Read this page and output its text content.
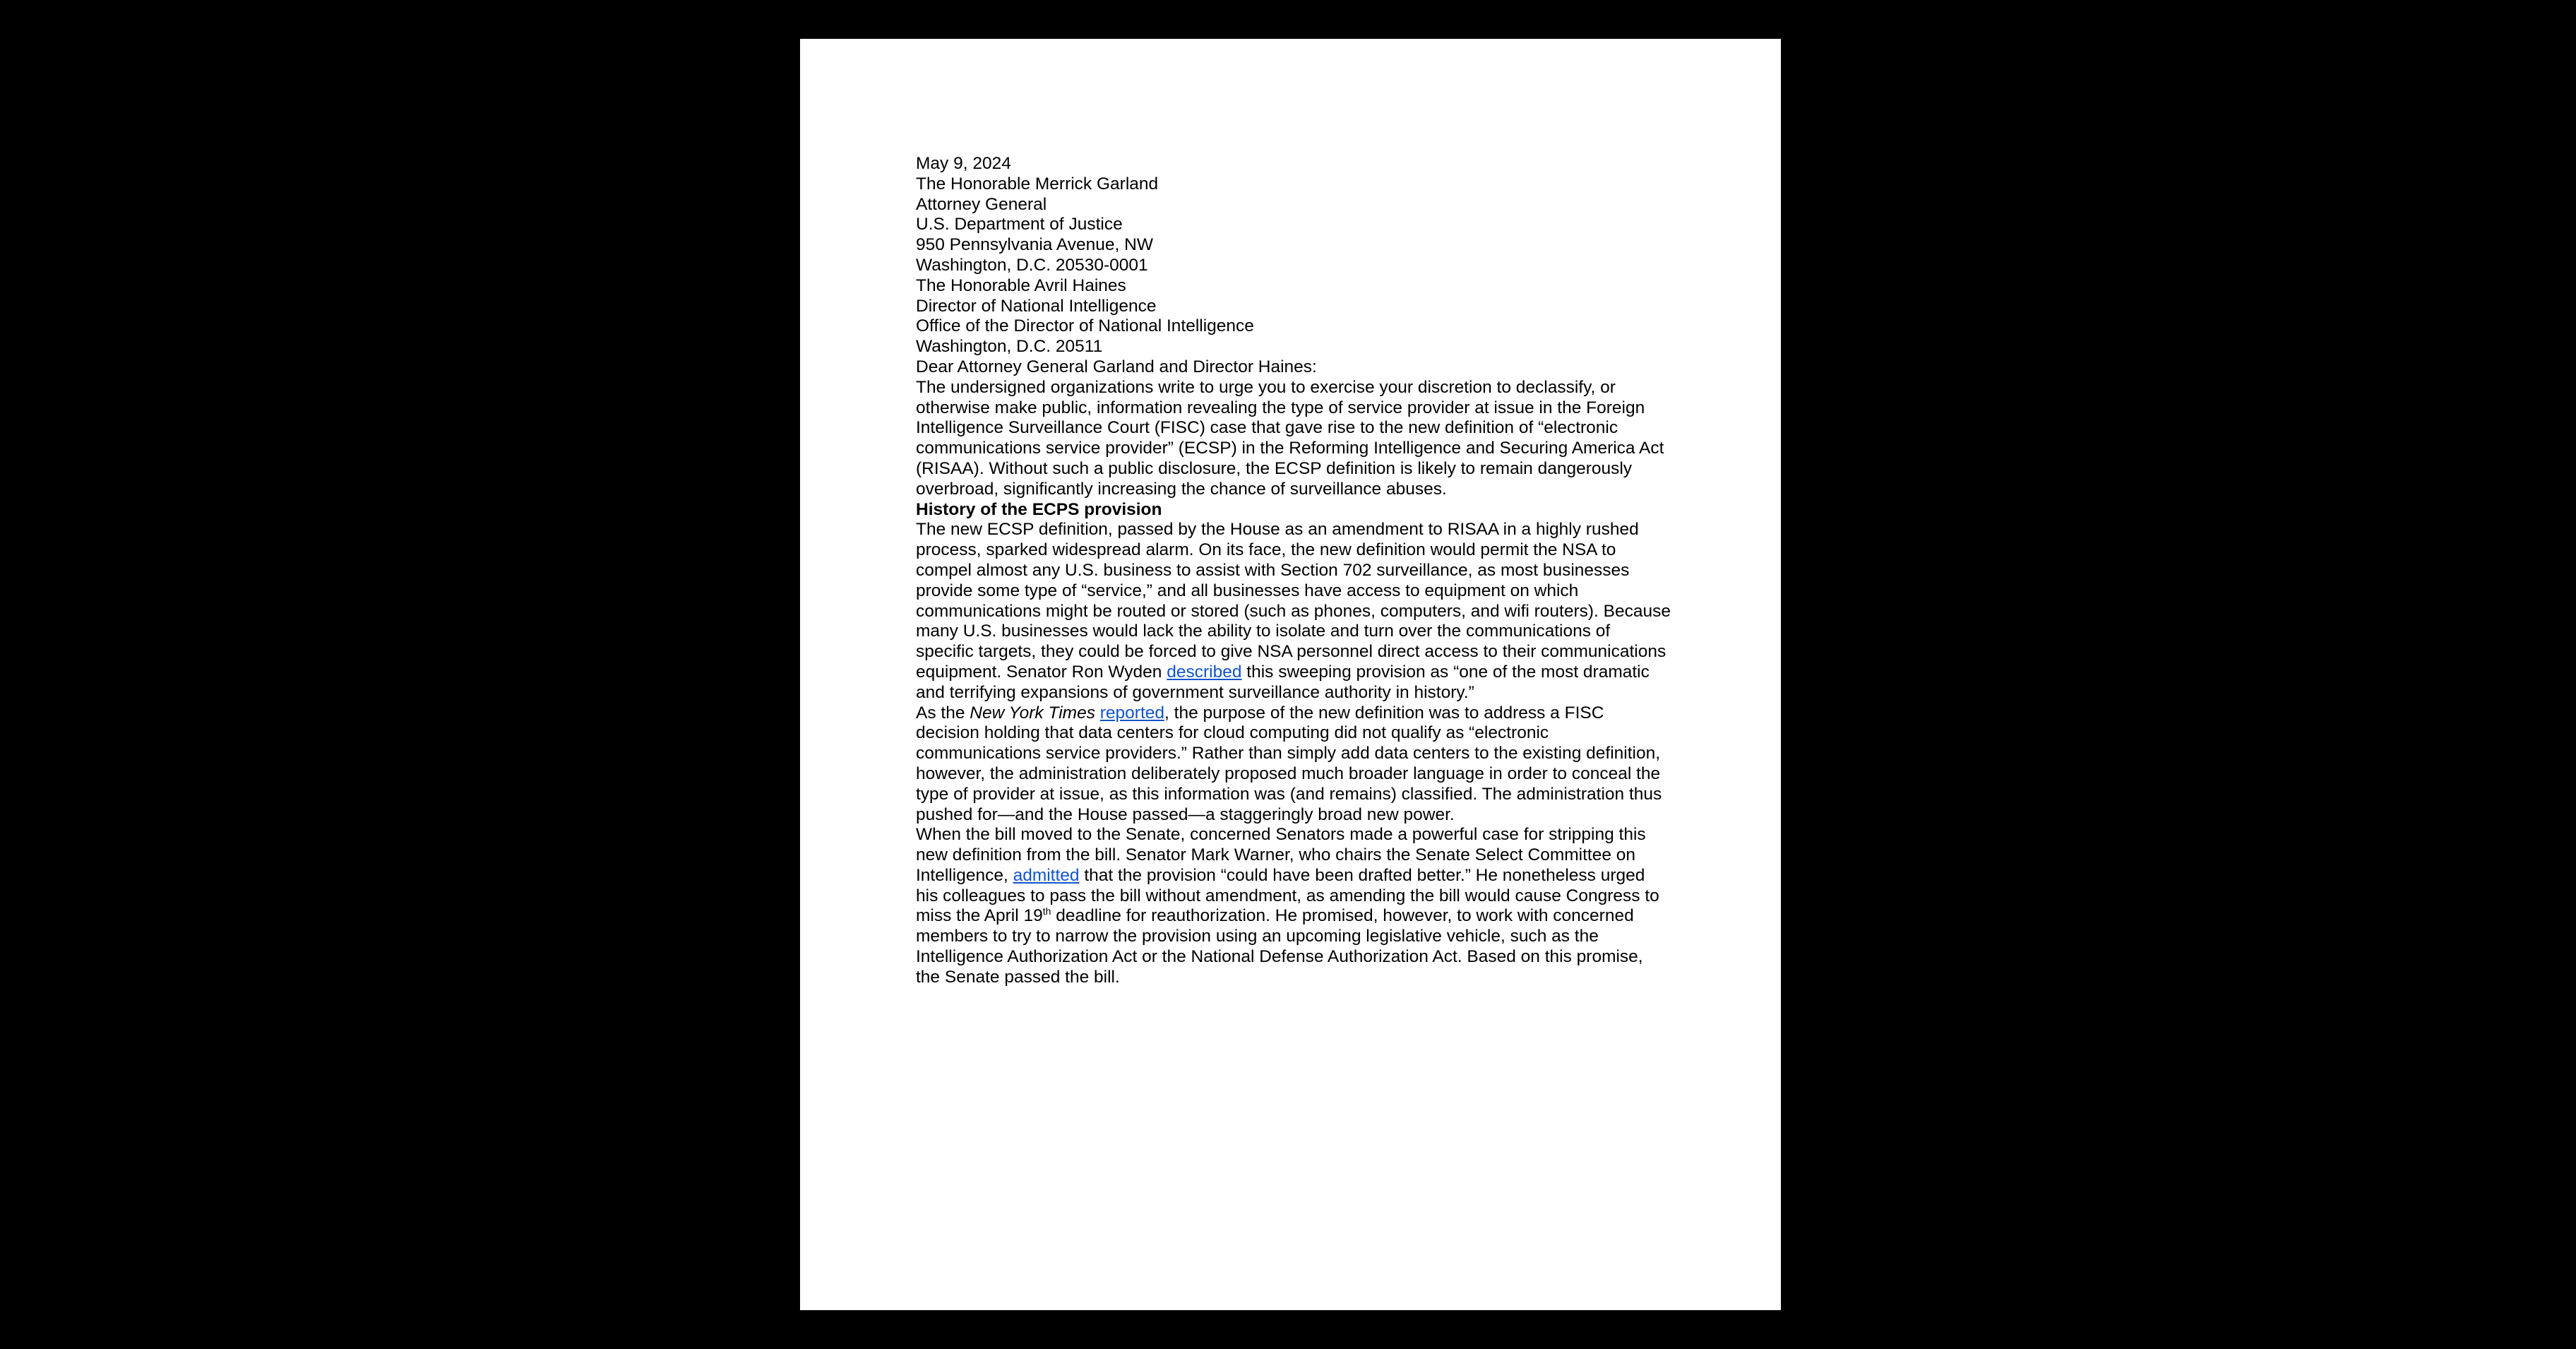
May 9, 2024

The Honorable Merrick Garland
Attorney General
U.S. Department of Justice
950 Pennsylvania Avenue, NW
Washington, D.C. 20530-0001
The Honorable Avril Haines
Director of National Intelligence
Office of the Director of National Intelligence
Washington, D.C. 20511

Dear Attorney General Garland and Director Haines:

The undersigned organizations write to urge you to exercise your discretion to declassify, or otherwise make public, information revealing the type of service provider at issue in the Foreign Intelligence Surveillance Court (FISC) case that gave rise to the new definition of “electronic communications service provider” (ECSP) in the Reforming Intelligence and Securing America Act (RISAA). Without such a public disclosure, the ECSP definition is likely to remain dangerously overbroad, significantly increasing the chance of surveillance abuses.

History of the ECPS provision

The new ECSP definition, passed by the House as an amendment to RISAA in a highly rushed process, sparked widespread alarm. On its face, the new definition would permit the NSA to compel almost any U.S. business to assist with Section 702 surveillance, as most businesses provide some type of “service,” and all businesses have access to equipment on which communications might be routed or stored (such as phones, computers, and wifi routers). Because many U.S. businesses would lack the ability to isolate and turn over the communications of specific targets, they could be forced to give NSA personnel direct access to their communications equipment. Senator Ron Wyden described this sweeping provision as “one of the most dramatic and terrifying expansions of government surveillance authority in history.”

As the New York Times reported, the purpose of the new definition was to address a FISC decision holding that data centers for cloud computing did not qualify as “electronic communications service providers.” Rather than simply add data centers to the existing definition, however, the administration deliberately proposed much broader language in order to conceal the type of provider at issue, as this information was (and remains) classified. The administration thus pushed for—and the House passed—a staggeringly broad new power.

When the bill moved to the Senate, concerned Senators made a powerful case for stripping this new definition from the bill. Senator Mark Warner, who chairs the Senate Select Committee on Intelligence, admitted that the provision “could have been drafted better.” He nonetheless urged his colleagues to pass the bill without amendment, as amending the bill would cause Congress to miss the April 19th deadline for reauthorization. He promised, however, to work with concerned members to try to narrow the provision using an upcoming legislative vehicle, such as the Intelligence Authorization Act or the National Defense Authorization Act. Based on this promise, the Senate passed the bill.
